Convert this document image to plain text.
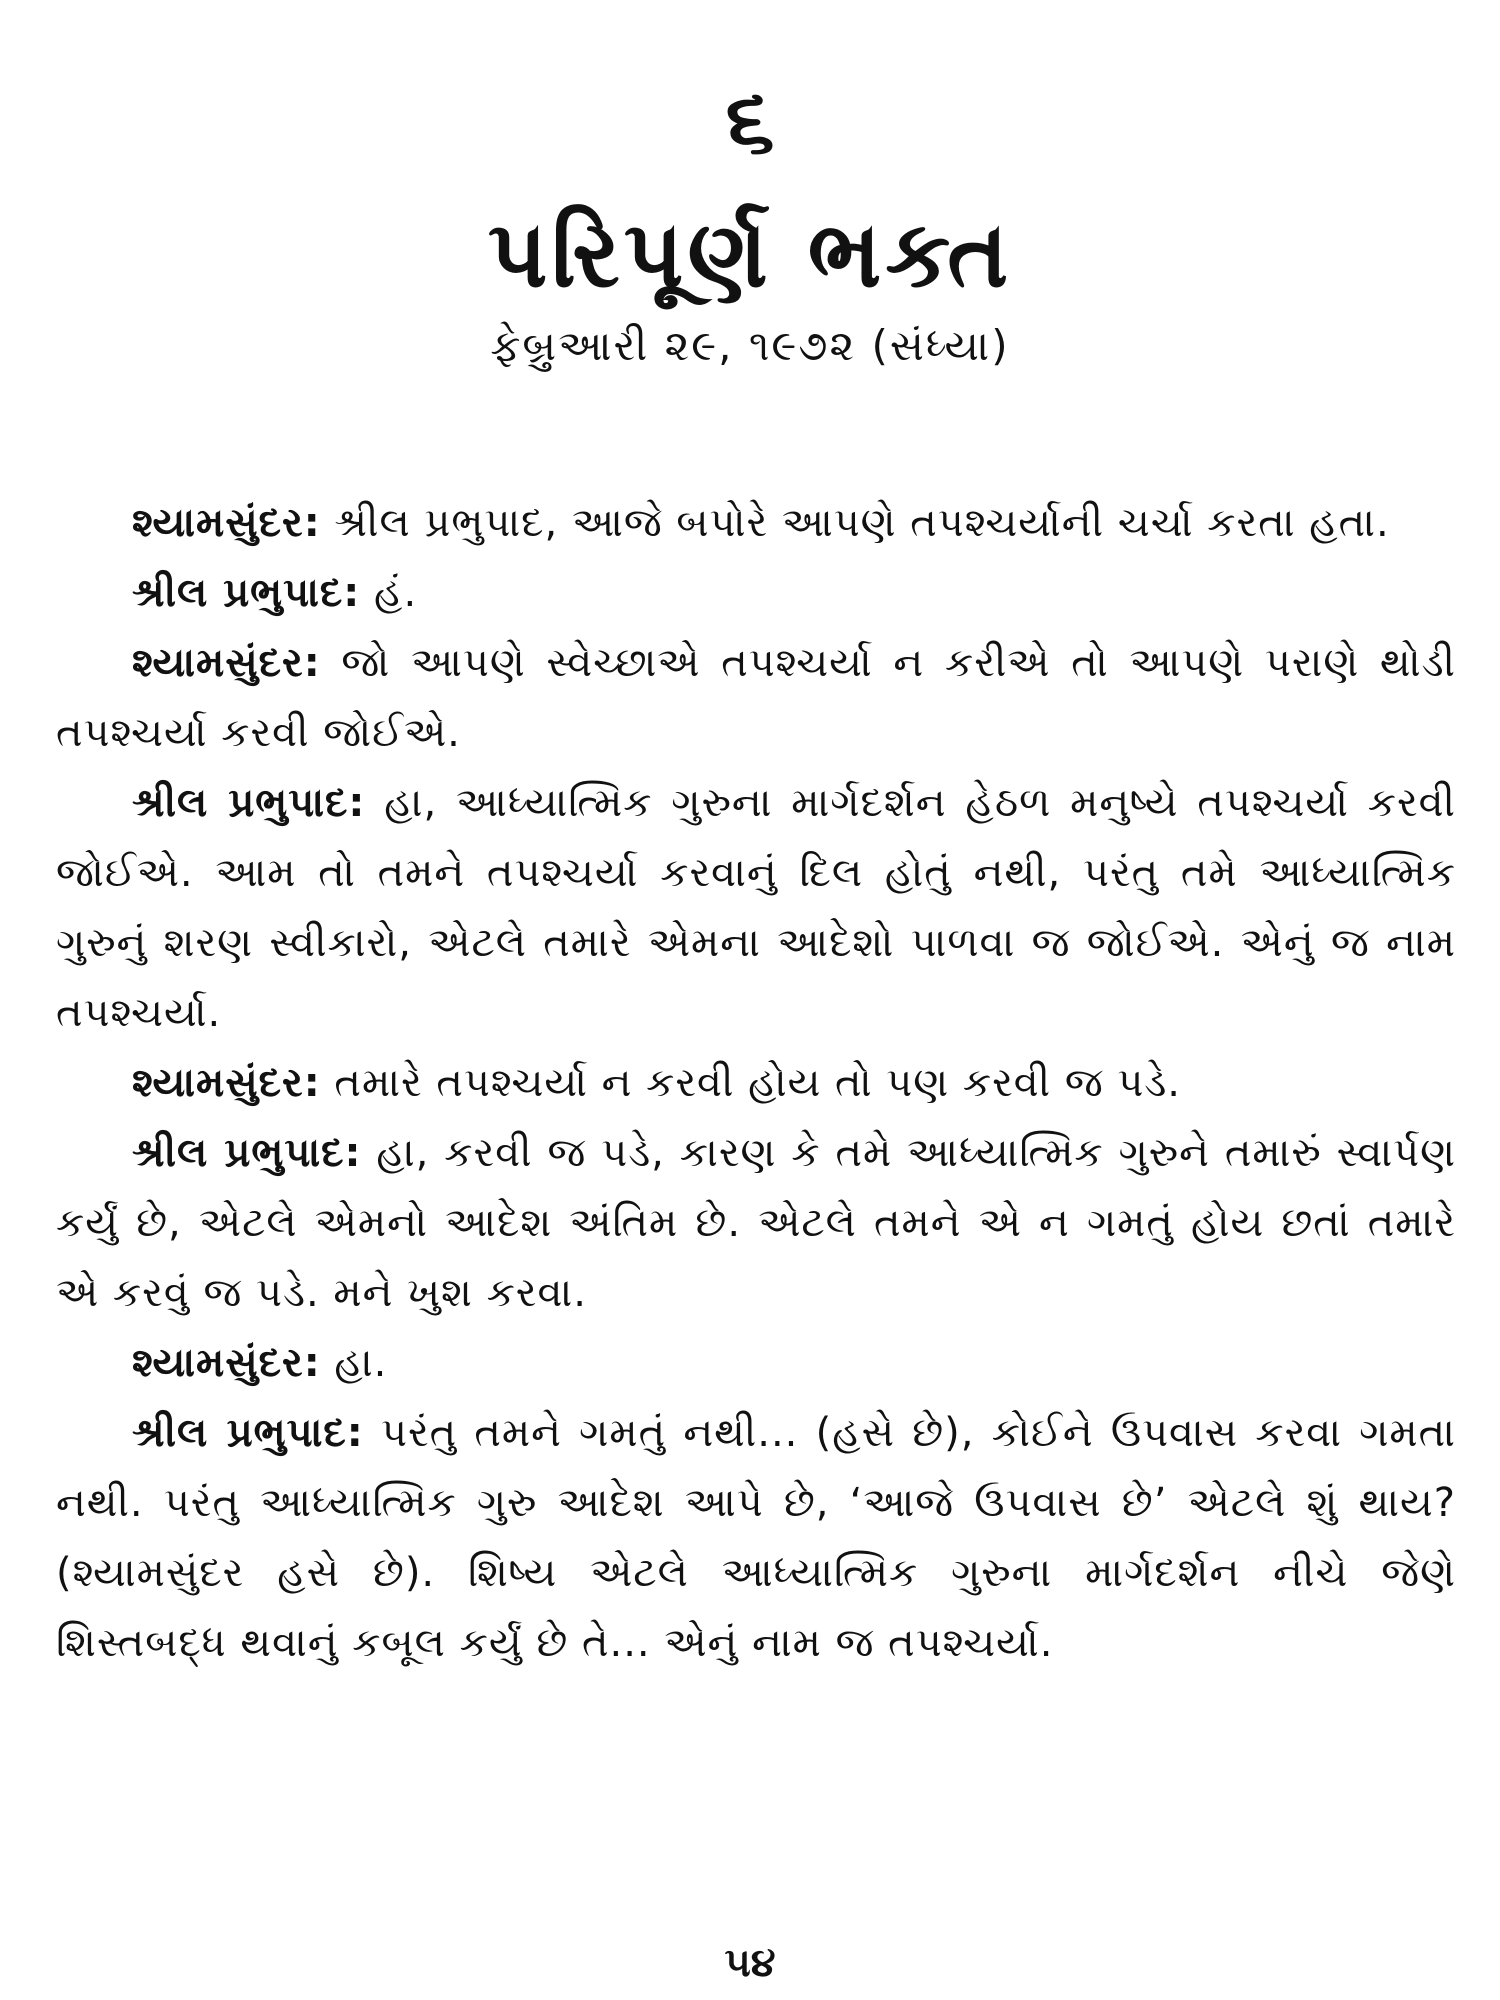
૬
પરિપૂર્ણ ભક્ત
ફેબ્રુઆરી ૨૯, ૧૯૭૨ (સંધ્યા)

શ્યામસુંદર: શ્રીલ પ્રભુપાદ, આજે બપોરે આપણે તપશ્ચર્યાની ચર્ચા કરતા હતા.

શ્રીલ પ્રભુપાદ: હં.

શ્યામસુંદર: જો આપણે સ્વેચ્છાએ તપશ્ચર્યા ન કરીએ તો આપણે પરાણે થોડી તપશ્ચર્યા કરવી જોઈએ.

શ્રીલ પ્રભુપાદ: હા, આધ્યાત્મિક ગુરુના માર્ગદર્શન હેઠળ મનુષ્યે તપશ્ચર્યા કરવી જોઈએ. આમ તો તમને તપશ્ચર્યા કરવાનું દિલ હોતું નથી, પરંતુ તમે આધ્યાત્મિક ગુરુનું શરણ સ્વીકારો, એટલે તમારે એમના આદેશો પાળવા જ જોઈએ. એનું જ નામ તપશ્ચર્યા.

શ્યામસુંદર: તમારે તપશ્ચર્યા ન કરવી હોય તો પણ કરવી જ પડે.

શ્રીલ પ્રભુપાદ: હા, કરવી જ પડે, કારણ કે તમે આધ્યાત્મિક ગુરુને તમારું સ્વાર્પણ કર્યું છે, એટલે એમનો આદેશ અંતિમ છે. એટલે તમને એ ન ગમતું હોય છતાં તમારે એ કરવું જ પડે. મને ખુશ કરવા.

શ્યામસુંદર: હા.

શ્રીલ પ્રભુપાદ: પરંતુ તમને ગમતું નથી... (હસે છે), કોઈને ઉપવાસ કરવા ગમતા નથી. પરંતુ આધ્યાત્મિક ગુરુ આદેશ આપે છે, ‘આજે ઉપવાસ છે’ એટલે શું થાય? (શ્યામસુંદર હસે છે). શિષ્ય એટલે આધ્યાત્મિક ગુરુના માર્ગદર્શન નીચે જેણે શિસ્તબદ્ધ થવાનું કબૂલ કર્યું છે તે... એનું નામ જ તપશ્ચર્યા.

૫૪
